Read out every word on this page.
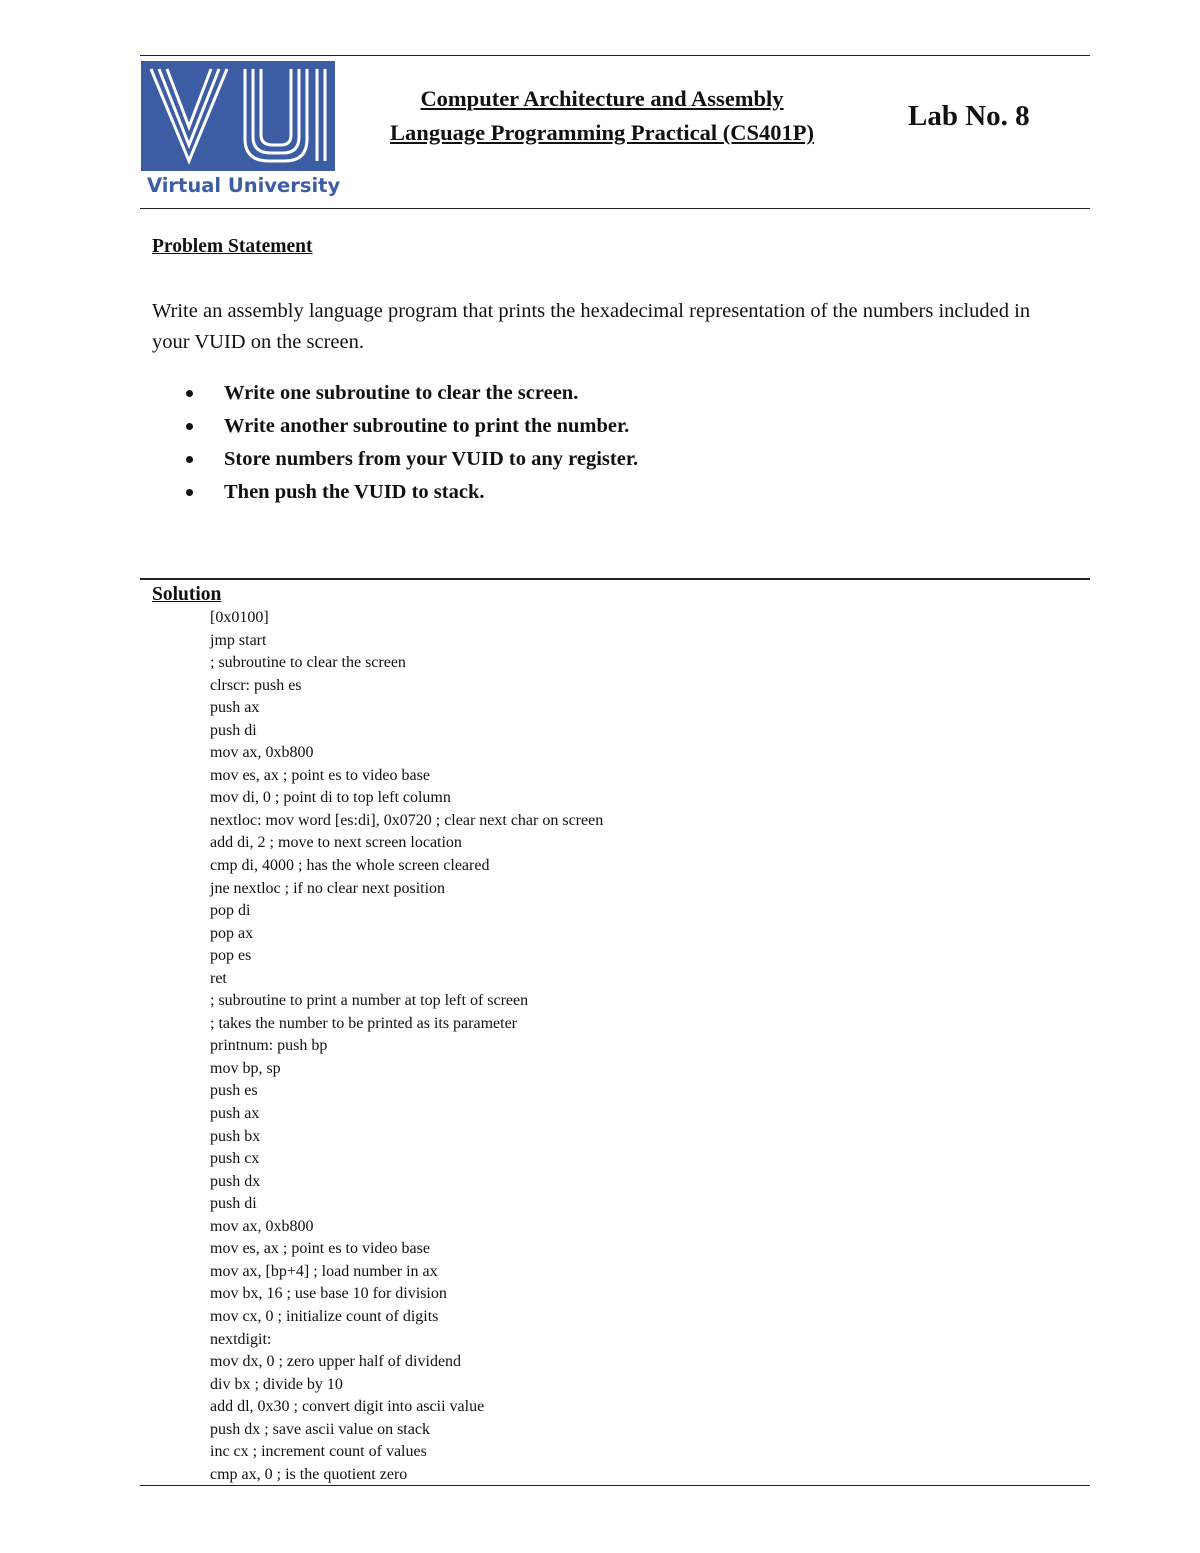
Virtual University
Computer Architecture and Assembly
Language Programming Practical (CS401P)
Lab No. 8
Problem Statement

Write an assembly language program that prints the hexadecimal representation of the numbers included in your VUID on the screen.

Write one subroutine to clear the screen.
Write another subroutine to print the number.
Store numbers from your VUID to any register.
Then push the VUID to stack.
Solution
[0x0100]
jmp start
; subroutine to clear the screen
clrscr: push es
push ax
push di
mov ax, 0xb800
mov es, ax ; point es to video base
mov di, 0 ; point di to top left column
nextloc: mov word [es:di], 0x0720 ; clear next char on screen
add di, 2 ; move to next screen location
cmp di, 4000 ; has the whole screen cleared
jne nextloc ; if no clear next position
pop di
pop ax
pop es
ret
; subroutine to print a number at top left of screen
; takes the number to be printed as its parameter
printnum: push bp
mov bp, sp
push es
push ax
push bx
push cx
push dx
push di
mov ax, 0xb800
mov es, ax ; point es to video base
mov ax, [bp+4] ; load number in ax
mov bx, 16 ; use base 10 for division
mov cx, 0 ; initialize count of digits
nextdigit:
mov dx, 0 ; zero upper half of dividend
div bx ; divide by 10
add dl, 0x30 ; convert digit into ascii value
push dx ; save ascii value on stack
inc cx ; increment count of values
cmp ax, 0 ; is the quotient zero
